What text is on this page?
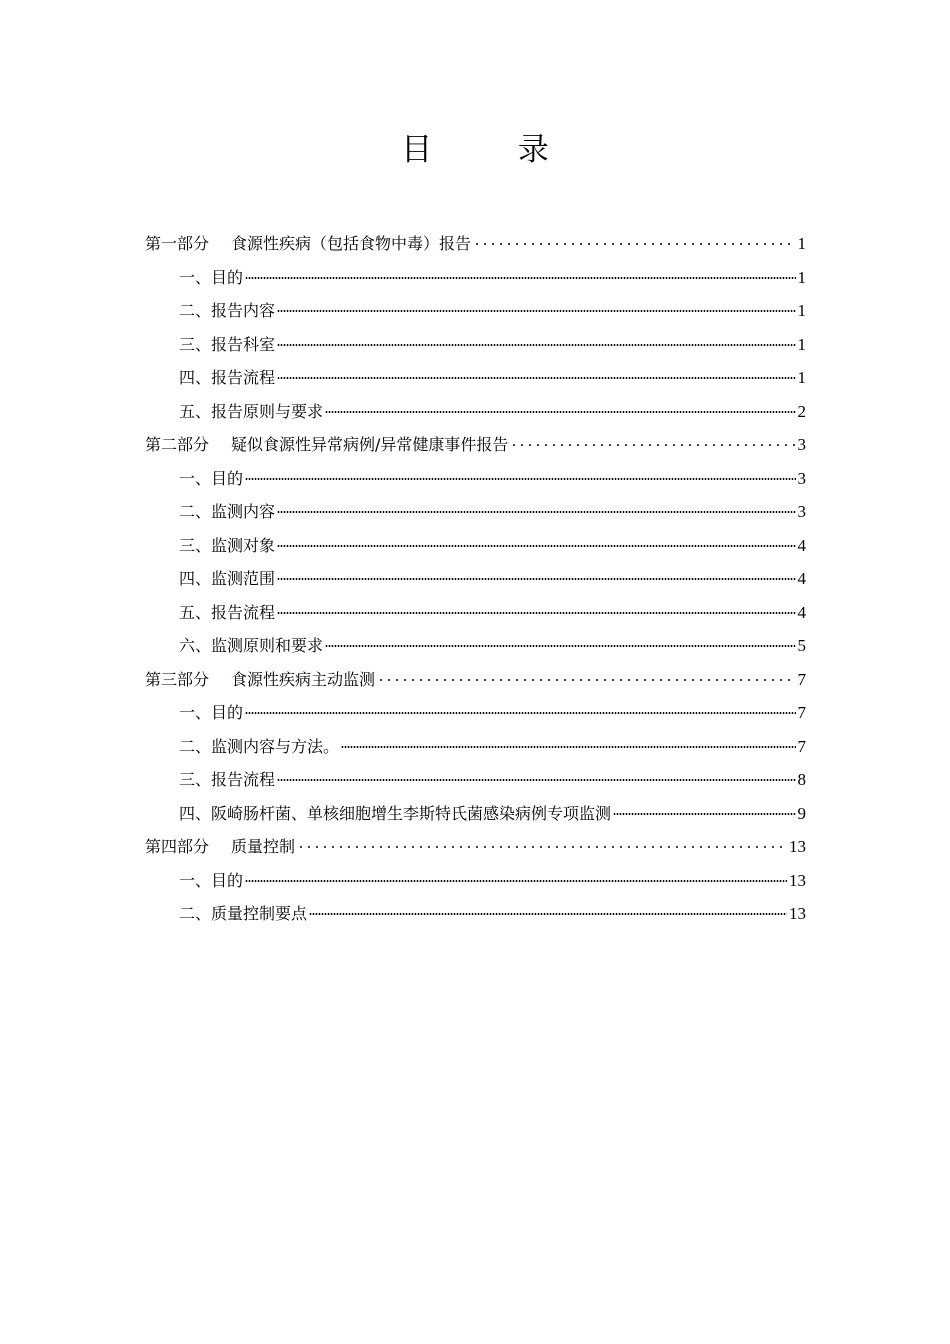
目 录
第一部分 食源性疾病（包括食物中毒）报告	1
一、目的	1
二、报告内容	1
三、报告科室	1
四、报告流程	1
五、报告原则与要求	2
第二部分 疑似食源性异常病例/异常健康事件报告	3
一、目的	3
二、监测内容	3
三、监测对象	4
四、监测范围	4
五、报告流程	4
六、监测原则和要求	5
第三部分 食源性疾病主动监测	7
一、目的	7
二、监测内容与方法。	7
三、报告流程	8
四、阪崎肠杆菌、单核细胞增生李斯特氏菌感染病例专项监测	9
第四部分 质量控制	13
一、目的	13
二、质量控制要点	13
